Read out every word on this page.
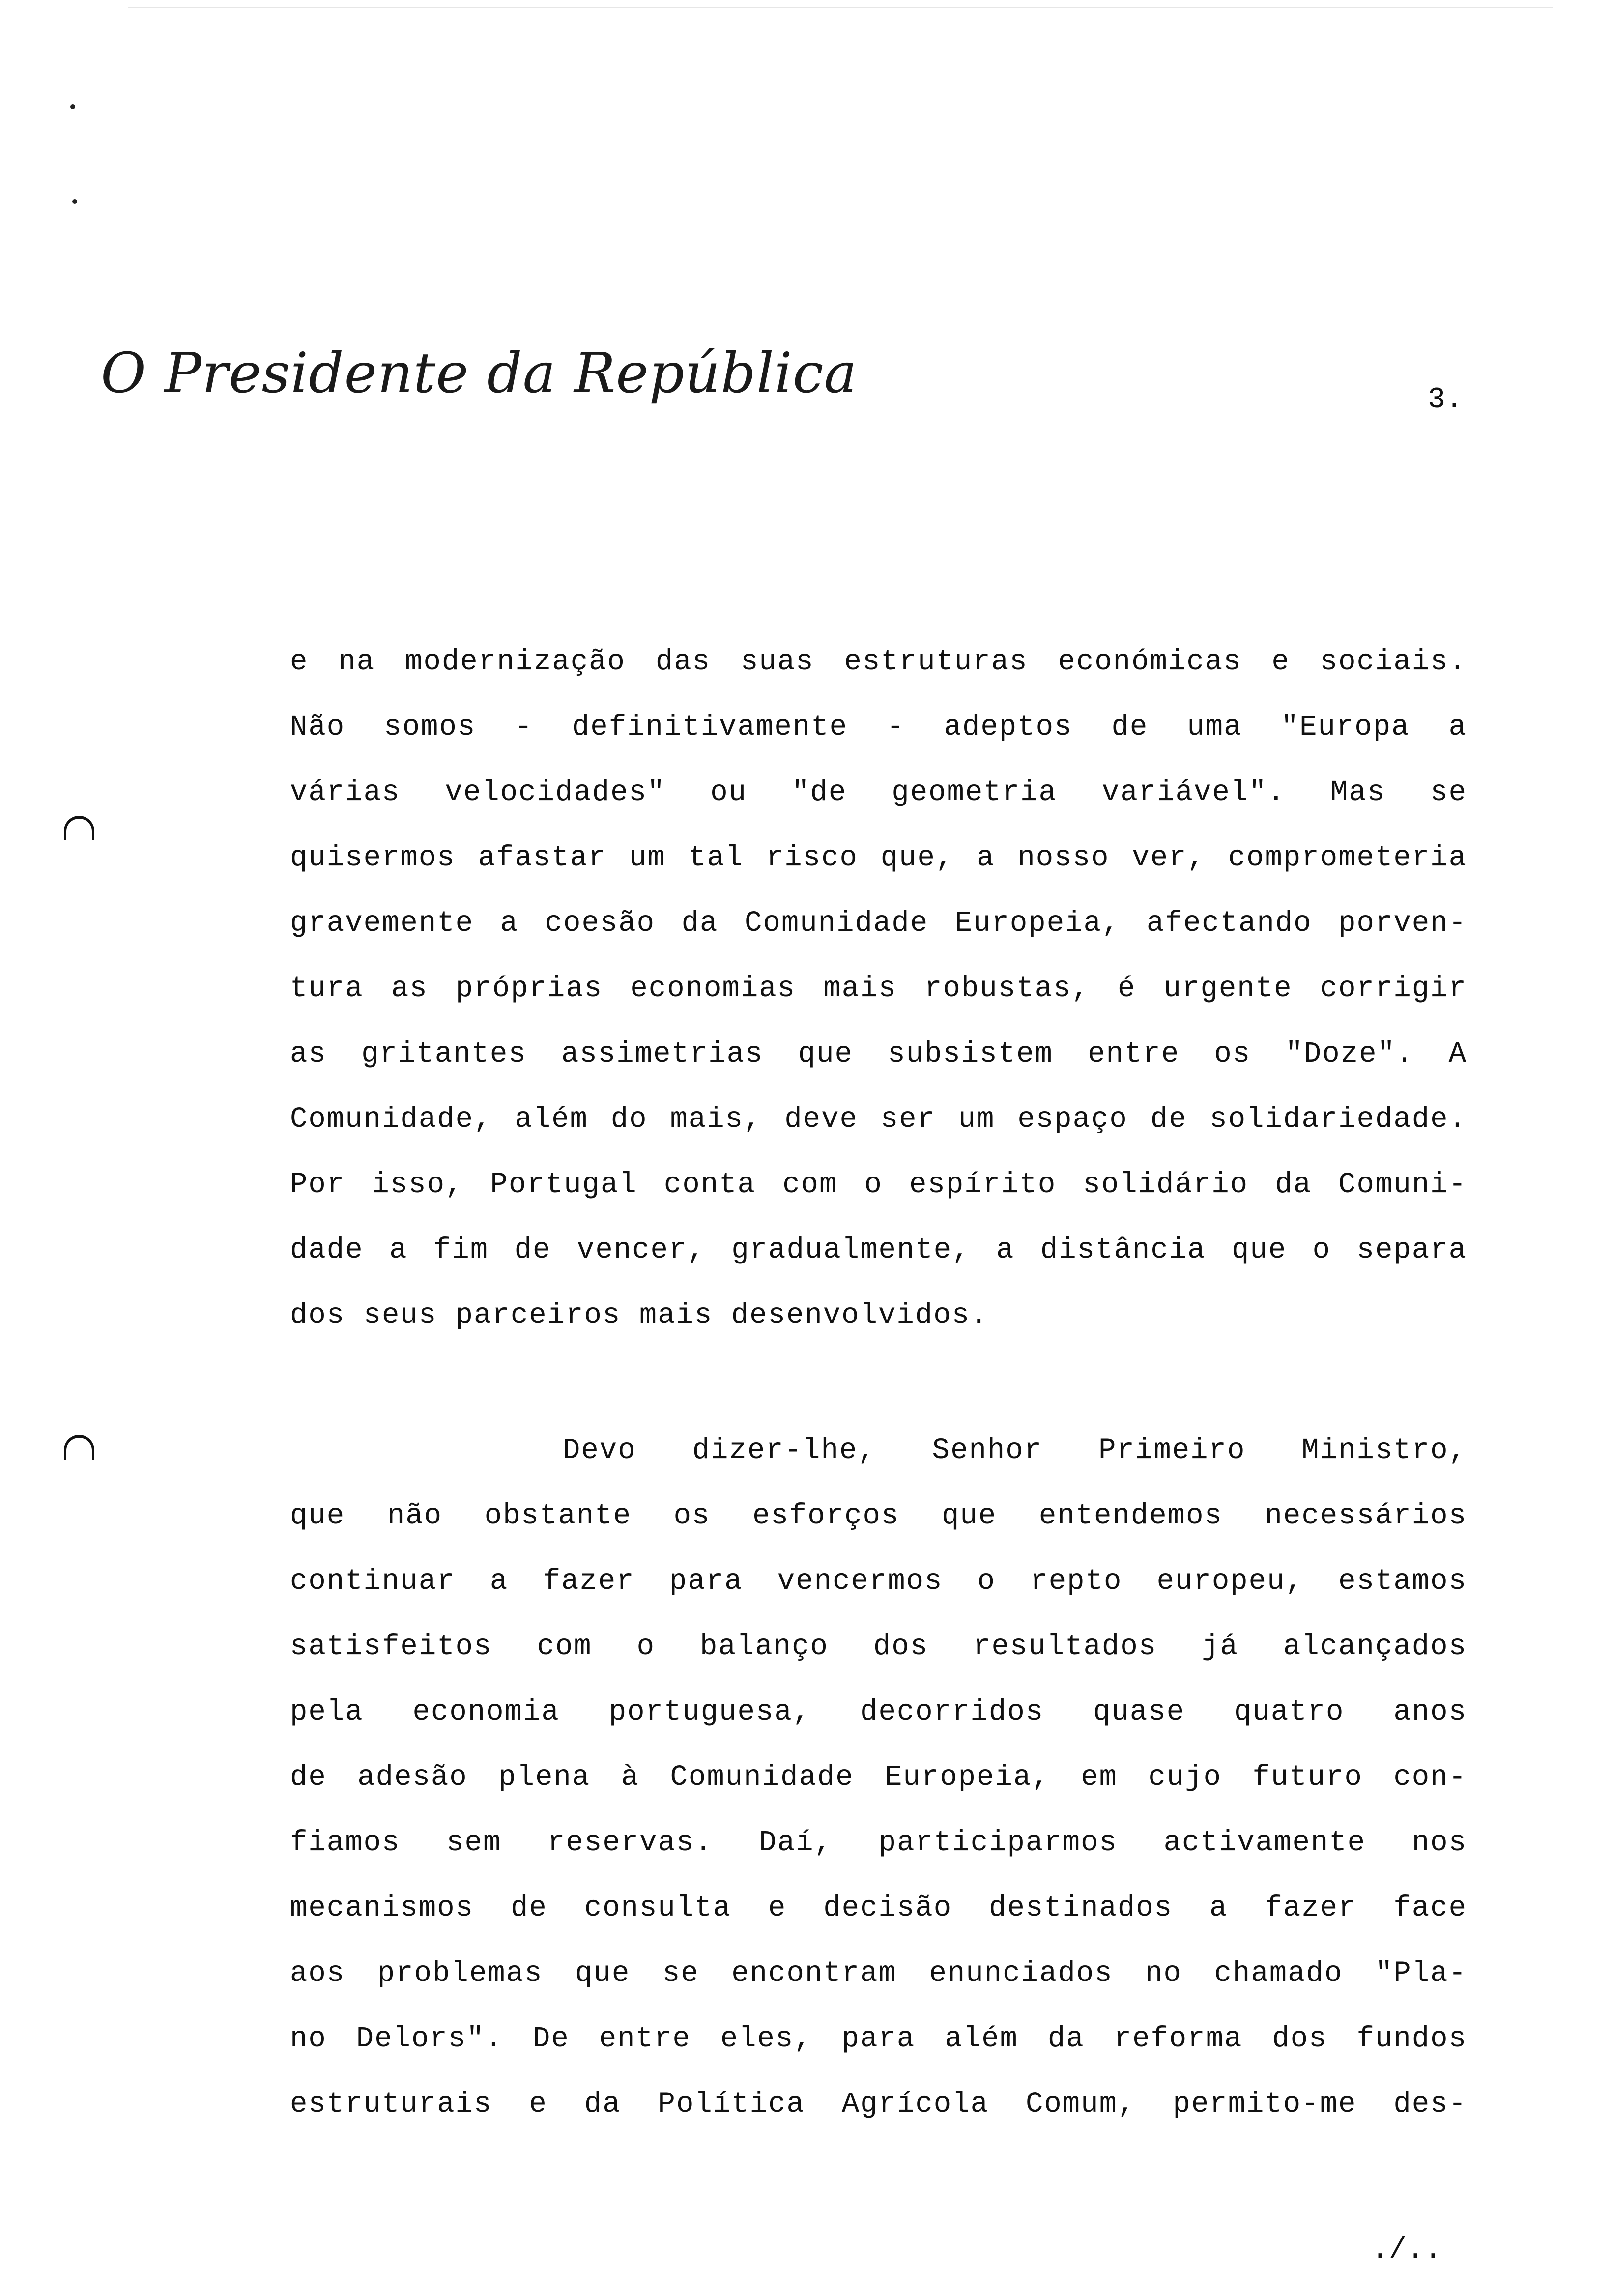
O Presidente da República	3.
e na modernização das suas estruturas económicas e sociais.
Não somos - definitivamente - adeptos de uma "Europa a
várias velocidades" ou "de geometria variável". Mas se
quisermos afastar um tal risco que, a nosso ver, comprometeria
gravemente a coesão da Comunidade Europeia, afectando porven-
tura as próprias economias mais robustas, é urgente corrigir
as gritantes assimetrias que subsistem entre os "Doze". A
Comunidade, além do mais, deve ser um espaço de solidariedade.
Por isso, Portugal conta com o espírito solidário da Comuni-
dade a fim de vencer, gradualmente, a distância que o separa
dos seus parceiros mais desenvolvidos.
Devo dizer-lhe, Senhor Primeiro Ministro,
que não obstante os esforços que entendemos necessários
continuar a fazer para vencermos o repto europeu, estamos
satisfeitos com o balanço dos resultados já alcançados
pela economia portuguesa, decorridos quase quatro anos
de adesão plena à Comunidade Europeia, em cujo futuro con-
fiamos sem reservas. Daí, participarmos activamente nos
mecanismos de consulta e decisão destinados a fazer face
aos problemas que se encontram enunciados no chamado "Pla-
no Delors". De entre eles, para além da reforma dos fundos
estruturais e da Política Agrícola Comum, permito-me des-
./..
